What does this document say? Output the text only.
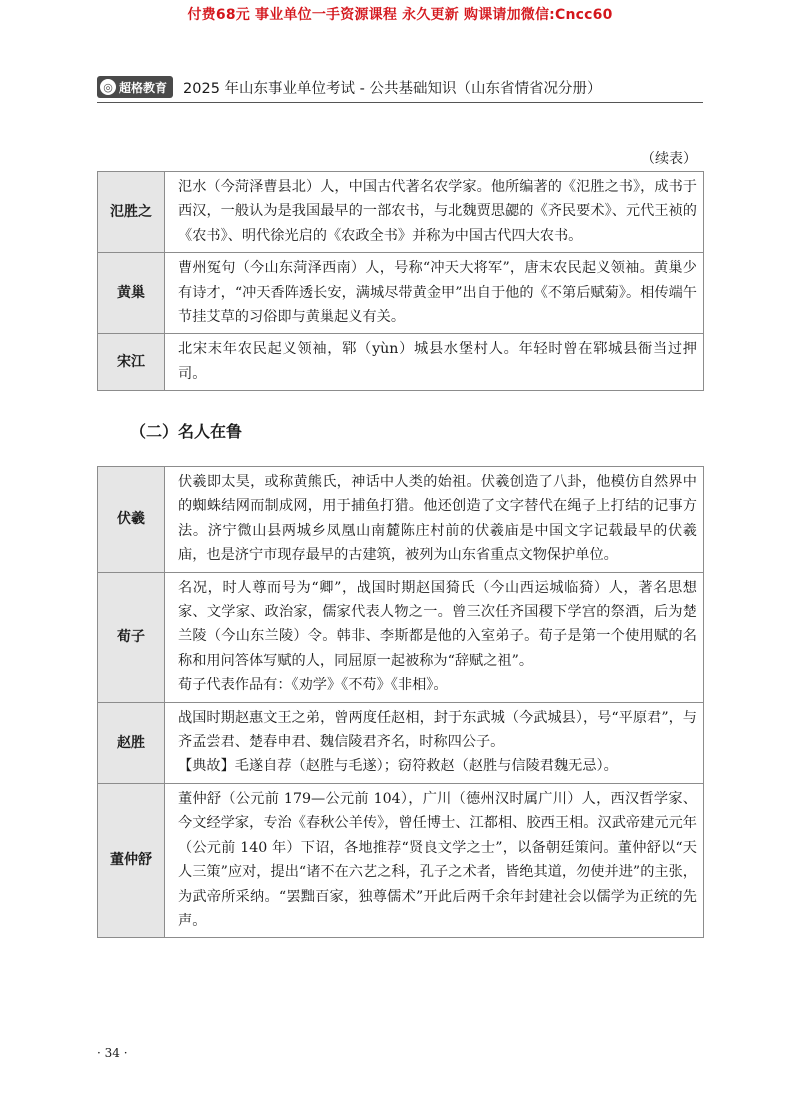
付费68元 事业单位一手资源课程 永久更新 购课请加微信:Cncc60
◎ 超格教育 2025 年山东事业单位考试 - 公共基础知识（山东省情省况分册）
（续表）
氾胜之	氾水（今菏泽曹县北）人，中国古代著名农学家。他所编著的《氾胜之书》，成书于西汉，一般认为是我国最早的一部农书，与北魏贾思勰的《齐民要术》、元代王祯的《农书》、明代徐光启的《农政全书》并称为中国古代四大农书。

黄巢	曹州冤句（今山东菏泽西南）人，号称“冲天大将军”，唐末农民起义领袖。黄巢少有诗才，“冲天香阵透长安，满城尽带黄金甲”出自于他的《不第后赋菊》。相传端午节挂艾草的习俗即与黄巢起义有关。

宋江	北宋末年农民起义领袖，郓（yùn）城县水堡村人。年轻时曾在郓城县衙当过押司。

（二）名人在鲁
伏羲	伏羲即太昊，或称黄熊氏，神话中人类的始祖。伏羲创造了八卦，他模仿自然界中的蜘蛛结网而制成网，用于捕鱼打猎。他还创造了文字替代在绳子上打结的记事方法。济宁微山县两城乡凤凰山南麓陈庄村前的伏羲庙是中国文字记载最早的伏羲庙，也是济宁市现存最早的古建筑，被列为山东省重点文物保护单位。

荀子	名况，时人尊而号为“卿”，战国时期赵国猗氏（今山西运城临猗）人，著名思想家、文学家、政治家，儒家代表人物之一。曾三次任齐国稷下学宫的祭酒，后为楚兰陵（今山东兰陵）令。韩非、李斯都是他的入室弟子。荀子是第一个使用赋的名称和用问答体写赋的人，同屈原一起被称为“辞赋之祖”。

荀子代表作品有：《劝学》《不苟》《非相》。

赵胜	战国时期赵惠文王之弟，曾两度任赵相，封于东武城（今武城县），号“平原君”，与齐孟尝君、楚春申君、魏信陵君齐名，时称四公子。

【典故】毛遂自荐（赵胜与毛遂）；窃符救赵（赵胜与信陵君魏无忌）。

董仲舒	董仲舒（公元前 179—公元前 104），广川（德州汉时属广川）人，西汉哲学家、今文经学家，专治《春秋公羊传》，曾任博士、江都相、胶西王相。汉武帝建元元年（公元前 140 年）下诏，各地推荐“贤良文学之士”，以备朝廷策问。董仲舒以“天人三策”应对，提出“诸不在六艺之科，孔子之术者，皆绝其道，勿使并进”的主张，为武帝所采纳。“罢黜百家，独尊儒术”开此后两千余年封建社会以儒学为正统的先声。

· 34 ·
